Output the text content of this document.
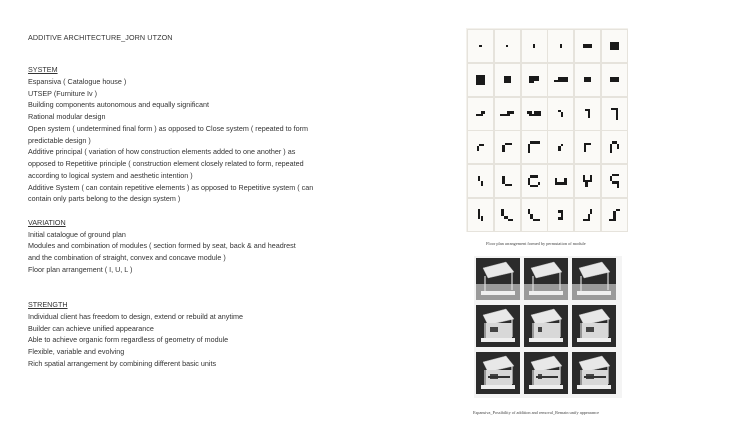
ADDITIVE ARCHITECTURE_JORN UTZON

SYSTEM

Espansiva ( Catalogue house )

UTSEP (Furniture Iv )

Building components autonomous and equally significant

Rational modular design

Open system ( undetermined final form ) as opposed to Close system ( repeated to form

predictable design )

Additive principal ( variation of how construction elements added to one another ) as

opposed to Repetitive principle ( construction element closely related to form, repeated

according to logical system and aesthetic intention )

Additive System ( can contain repetitive elements ) as opposed to Repetitive system ( can

contain only parts belong to the design system )

VARIATION

Initial catalogue of ground plan

Modules and combination of modules ( section formed by seat, back & and headrest

and the combination of straight, convex and concave module )

Floor plan arrangement ( I, U, L )

STRENGTH

Individual client has freedom to design, extend or rebuild at anytime

Builder can achieve unified appearance

Able to achieve organic form regardless of geometry of module

Flexible, variable and evolving

Rich spatial arrangement by combining different basic units

Floor plan arrangement formed by permutation of module
Espansiva_Possibility of addition and removal_Remain unify appearance
